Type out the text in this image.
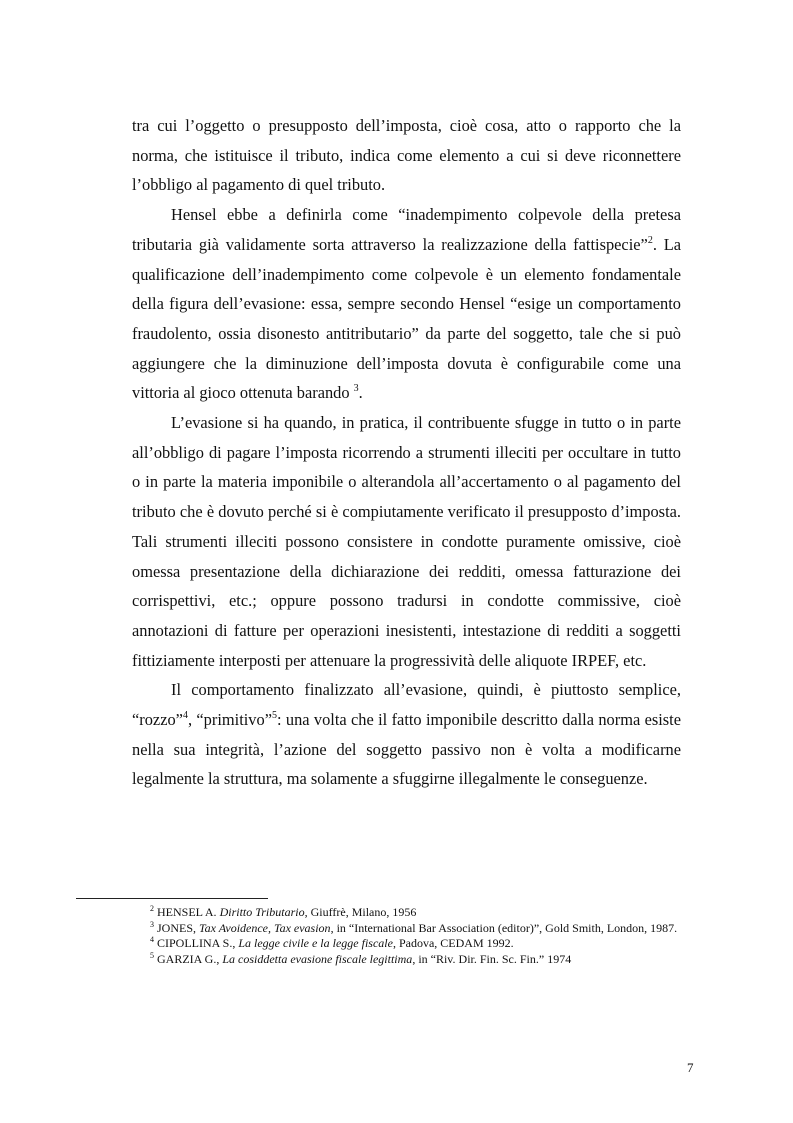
tra cui l’oggetto o presupposto dell’imposta, cioè cosa, atto o rapporto che la norma, che istituisce il tributo, indica come elemento a cui si deve riconnettere l’obbligo al pagamento di quel tributo.

Hensel ebbe a definirla come “inadempimento colpevole della pretesa tributaria già validamente sorta attraverso la realizzazione della fattispecie”$^2$. La qualificazione dell’inadempimento come colpevole è un elemento fondamentale della figura dell’evasione: essa, sempre secondo Hensel “esige un comportamento fraudolento, ossia disonesto antitributario” da parte del soggetto, tale che si può aggiungere che la diminuzione dell’imposta dovuta è configurabile come una vittoria al gioco ottenuta barando $^3$.

L’evasione si ha quando, in pratica, il contribuente sfugge in tutto o in parte all’obbligo di pagare l’imposta ricorrendo a strumenti illeciti per occultare in tutto o in parte la materia imponibile o alterandola all’accertamento o al pagamento del tributo che è dovuto perché si è compiutamente verificato il presupposto d’imposta. Tali strumenti illeciti possono consistere in condotte puramente omissive, cioè omessa presentazione della dichiarazione dei redditi, omessa fatturazione dei corrispettivi, etc.; oppure possono tradursi in condotte commissive, cioè annotazioni di fatture per operazioni inesistenti, intestazione di redditi a soggetti fittiziamente interposti per attenuare la progressività delle aliquote IRPEF, etc.

Il comportamento finalizzato all’evasione, quindi, è piuttosto semplice, “rozzo”$^4$, “primitivo”$^5$: una volta che il fatto imponibile descritto dalla norma esiste nella sua integrità, l’azione del soggetto passivo non è volta a modificarne legalmente la struttura, ma solamente a sfuggirne illegalmente le conseguenze.

$^2$ HENSEL A. Diritto Tributario, Giuffrè, Milano, 1956

$^3$ JONES, Tax Avoidence, Tax evasion, in “International Bar Association (editor)”, Gold Smith, London, 1987.

$^4$ CIPOLLINA S., La legge civile e la legge fiscale, Padova, CEDAM 1992.

$^5$ GARZIA G., La cosiddetta evasione fiscale legittima, in “Riv. Dir. Fin. Sc. Fin.” 1974

7
